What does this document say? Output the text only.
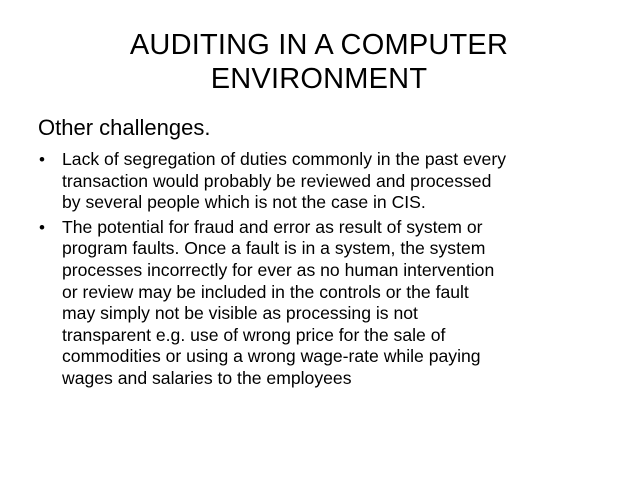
AUDITING IN A COMPUTER
ENVIRONMENT

Other challenges.

• Lack of segregation of duties commonly in the past every
transaction would probably be reviewed and processed
by several people which is not the case in CIS.
• The potential for fraud and error as result of system or
program faults. Once a fault is in a system, the system
processes incorrectly for ever as no human intervention
or review may be included in the controls or the fault
may simply not be visible as processing is not
transparent e.g. use of wrong price for the sale of
commodities or using a wrong wage-rate while paying
wages and salaries to the employees
